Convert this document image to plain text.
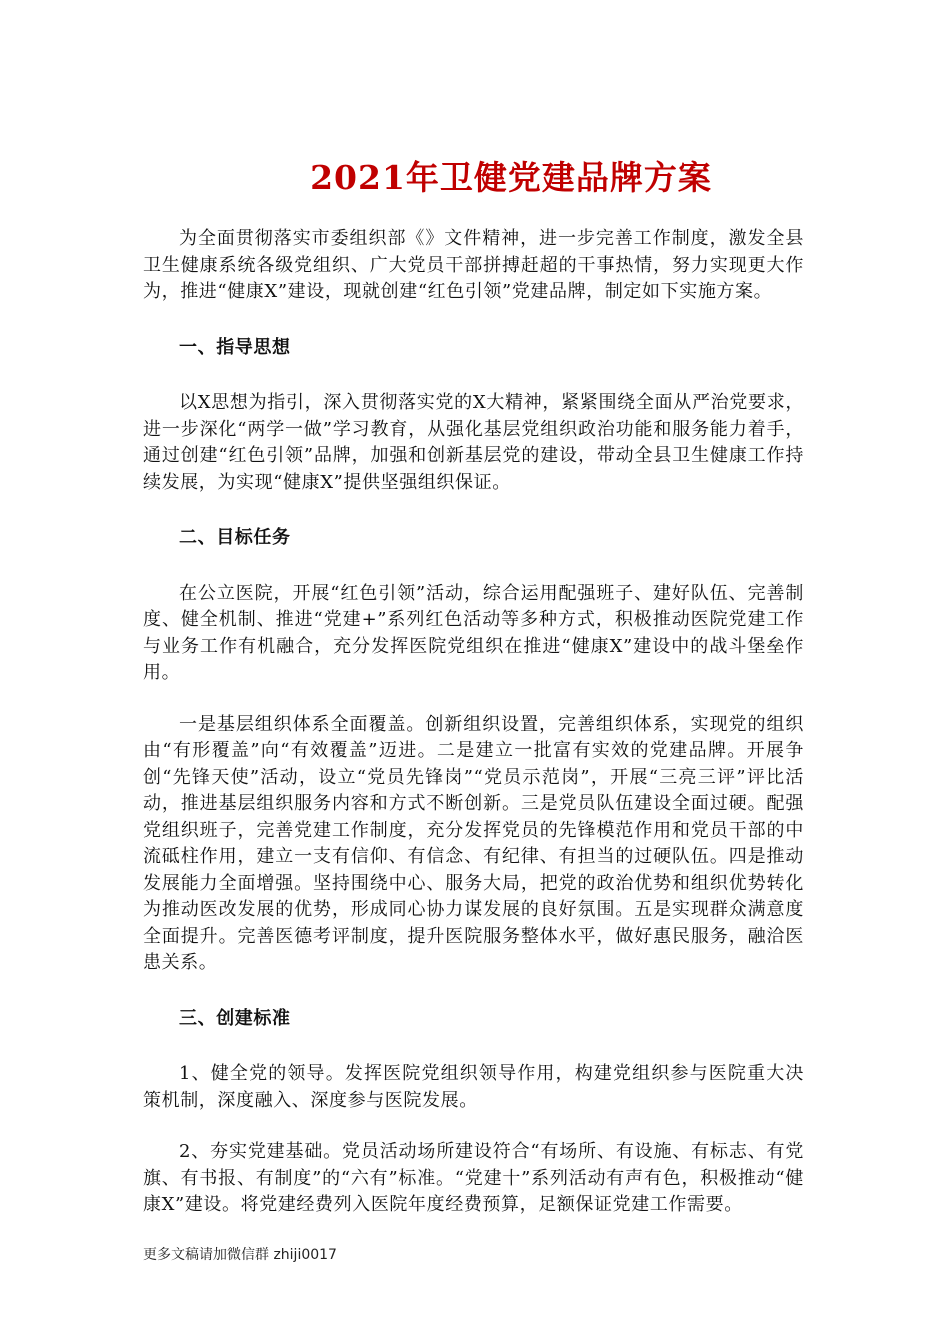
2021年卫健党建品牌方案

为全面贯彻落实市委组织部《》文件精神，进一步完善工作制度，激发全县卫生健康系统各级党组织、广大党员干部拼搏赶超的干事热情，努力实现更大作为，推进“健康X”建设，现就创建“红色引领”党建品牌，制定如下实施方案。

一、指导思想

以X思想为指引，深入贯彻落实党的X大精神，紧紧围绕全面从严治党要求，进一步深化“两学一做”学习教育，从强化基层党组织政治功能和服务能力着手，通过创建“红色引领”品牌，加强和创新基层党的建设，带动全县卫生健康工作持续发展，为实现“健康X”提供坚强组织保证。

二、目标任务

在公立医院，开展“红色引领”活动，综合运用配强班子、建好队伍、完善制度、健全机制、推进“党建+”系列红色活动等多种方式，积极推动医院党建工作与业务工作有机融合，充分发挥医院党组织在推进“健康X”建设中的战斗堡垒作用。

一是基层组织体系全面覆盖。创新组织设置，完善组织体系，实现党的组织由“有形覆盖”向“有效覆盖”迈进。二是建立一批富有实效的党建品牌。开展争创“先锋天使”活动，设立“党员先锋岗”“党员示范岗”，开展“三亮三评”评比活动，推进基层组织服务内容和方式不断创新。三是党员队伍建设全面过硬。配强党组织班子，完善党建工作制度，充分发挥党员的先锋模范作用和党员干部的中流砥柱作用，建立一支有信仰、有信念、有纪律、有担当的过硬队伍。四是推动发展能力全面增强。坚持围绕中心、服务大局，把党的政治优势和组织优势转化为推动医改发展的优势，形成同心协力谋发展的良好氛围。五是实现群众满意度全面提升。完善医德考评制度，提升医院服务整体水平，做好惠民服务，融洽医患关系。

三、创建标准

1、健全党的领导。发挥医院党组织领导作用，构建党组织参与医院重大决策机制，深度融入、深度参与医院发展。

2、夯实党建基础。党员活动场所建设符合“有场所、有设施、有标志、有党旗、有书报、有制度”的“六有”标准。“党建十”系列活动有声有色，积极推动“健康X”建设。将党建经费列入医院年度经费预算，足额保证党建工作需要。

更多文稿请加微信群 zhiji0017
